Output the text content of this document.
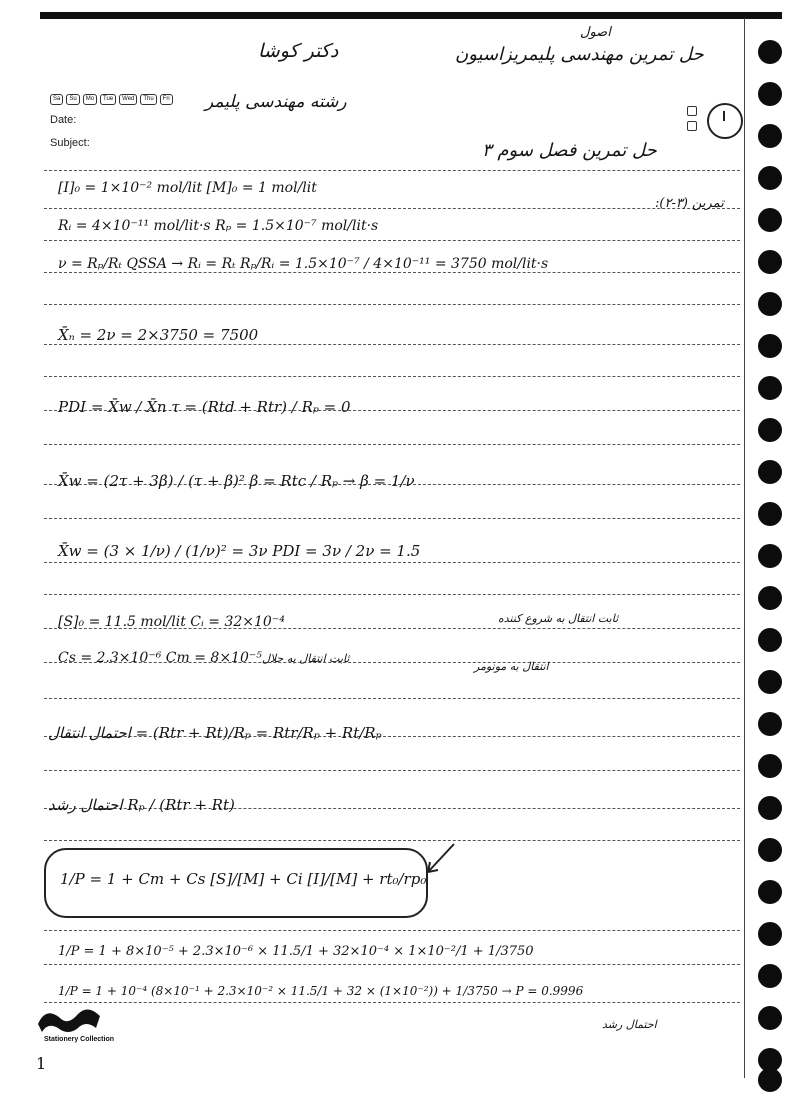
دکتر کوشا
اصول
حل تمرین مهندسی پلیمریزاسیون
رشته مهندسی پلیمر
Sa	Su	Mo	Tue	Wed	Thu	Fri
Date:
Subject:	حل تمرین فصل سوم ۳
تمرین (۳-۲):
[I]₀ = 1×10⁻² mol/lit [M]₀ = 1 mol/lit
Rᵢ = 4×10⁻¹¹ mol/lit·s Rₚ = 1.5×10⁻⁷ mol/lit·s
ν = Rₚ/Rₜ QSSA → Rᵢ = Rₜ Rₚ/Rᵢ = 1.5×10⁻⁷ / 4×10⁻¹¹ = 3750 mol/lit·s
X̄ₙ = 2ν = 2×3750 = 7500
PDI = X̄w / X̄n τ = (Rtd + Rtr) / Rₚ = 0
X̄w = (2τ + 3β) / (τ + β)² β = Rtc / Rₚ → β = 1/ν
X̄w = (3 × 1/ν) / (1/ν)² = 3ν PDI = 3ν / 2ν = 1.5
[S]₀ = 11.5 mol/lit Cᵢ = 32×10⁻⁴	ثابت انتقال به شروع کننده
Cs = 2.3×10⁻⁶ Cm = 8×10⁻⁵ ثابت انتقال به حلال
انتقال به مونومر
احتمال انتقال = (Rtr + Rt)/Rₚ = Rtr/Rₚ + Rt/Rₚ
احتمال رشد Rₚ / (Rtr + Rt)
1/P = 1 + Cm + Cs [S]/[M] + Ci [I]/[M] + rt₀/rp₀
1/P = 1 + 8×10⁻⁵ + 2.3×10⁻⁶ × 11.5/1 + 32×10⁻⁴ × 1×10⁻²/1 + 1/3750
1/P = 1 + 10⁻⁴ (8×10⁻¹ + 2.3×10⁻² × 11.5/1 + 32 × (1×10⁻²)) + 1/3750 → P = 0.9996
احتمال رشد
Stationery Collection
1
